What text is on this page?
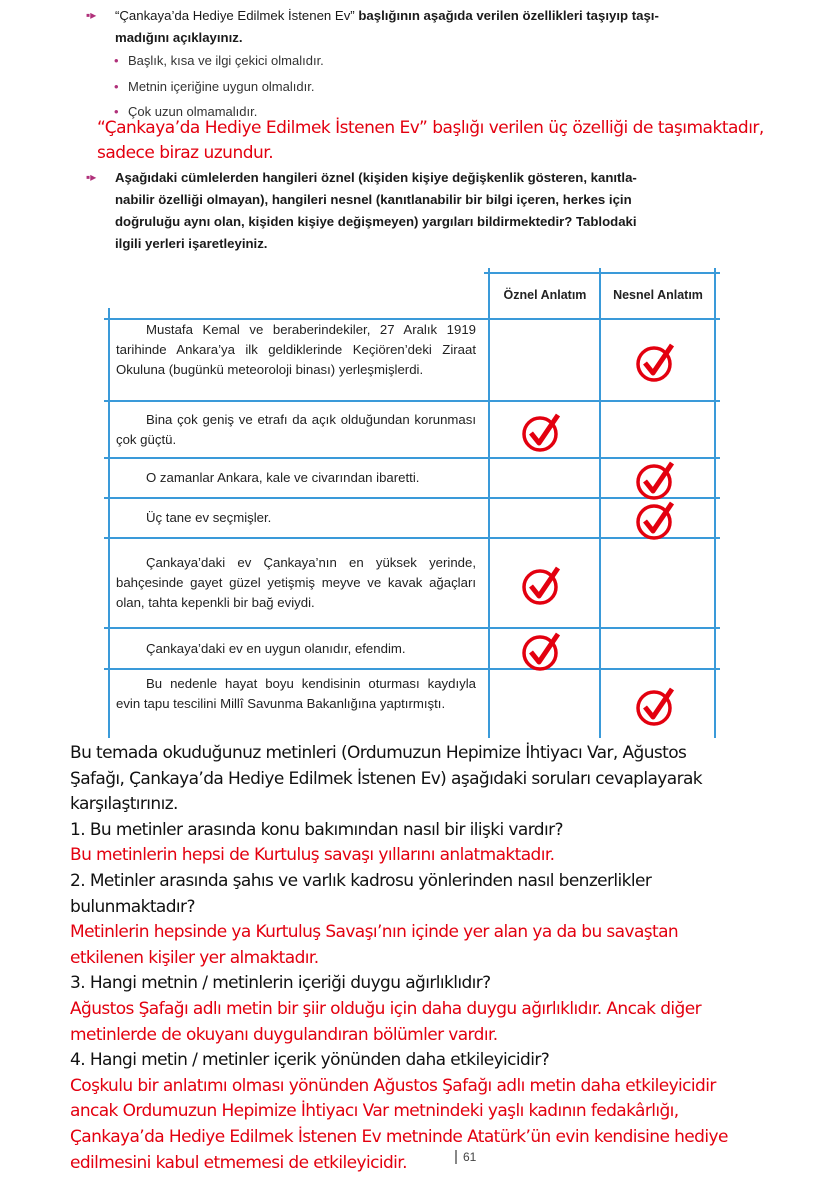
▪▸ “Çankaya’da Hediye Edilmek İstenen Ev” başlığının aşağıda verilen özellikleri taşıyıp taşı-
madığını açıklayınız.
• Başlık, kısa ve ilgi çekici olmalıdır.
• Metnin içeriğine uygun olmalıdır.
• Çok uzun olmamalıdır.
“Çankaya’da Hediye Edilmek İstenen Ev” başlığı verilen üç özelliği de taşımaktadır,
sadece biraz uzundur.
▪▸ Aşağıdaki cümlelerden hangileri öznel (kişiden kişiye değişkenlik gösteren, kanıtla-
nabilir özelliği olmayan), hangileri nesnel (kanıtlanabilir bir bilgi içeren, herkes için
doğruluğu aynı olan, kişiden kişiye değişmeyen) yargıları bildirmektedir? Tablodaki
ilgili yerleri işaretleyiniz.
Öznel Anlatım	Nesnel Anlatım
Mustafa Kemal ve beraberindekiler, 27 Aralık 1919 tarihinde Ankara’ya ilk geldiklerinde Keçiören’deki Ziraat Okuluna (bugünkü meteoroloji binası) yerleşmişlerdi.
Bina çok geniş ve etrafı da açık olduğundan korunması çok güçtü.
O zamanlar Ankara, kale ve civarından ibaretti.
Üç tane ev seçmişler.
Çankaya’daki ev Çankaya’nın en yüksek yerinde, bahçesinde gayet güzel yetişmiş meyve ve kavak ağaçları olan, tahta kepenkli bir bağ eviydi.
Çankaya’daki ev en uygun olanıdır, efendim.
Bu nedenle hayat boyu kendisinin oturması kaydıyla evin tapu tescilini Millî Savunma Bakanlığına yaptırmıştı.
Bu temada okuduğunuz metinleri (Ordumuzun Hepimize İhtiyacı Var, Ağustos
Şafağı, Çankaya’da Hediye Edilmek İstenen Ev) aşağıdaki soruları cevaplayarak
karşılaştırınız.
1. Bu metinler arasında konu bakımından nasıl bir ilişki vardır?
Bu metinlerin hepsi de Kurtuluş savaşı yıllarını anlatmaktadır.
2. Metinler arasında şahıs ve varlık kadrosu yönlerinden nasıl benzerlikler
bulunmaktadır?
Metinlerin hepsinde ya Kurtuluş Savaşı’nın içinde yer alan ya da bu savaştan
etkilenen kişiler yer almaktadır.
3. Hangi metnin / metinlerin içeriği duygu ağırlıklıdır?
Ağustos Şafağı adlı metin bir şiir olduğu için daha duygu ağırlıklıdır. Ancak diğer
metinlerde de okuyanı duygulandıran bölümler vardır.
4. Hangi metin / metinler içerik yönünden daha etkileyicidir?
Coşkulu bir anlatımı olması yönünden Ağustos Şafağı adlı metin daha etkileyicidir
ancak Ordumuzun Hepimize İhtiyacı Var metnindeki yaşlı kadının fedakârlığı,
Çankaya’da Hediye Edilmek İstenen Ev metninde Atatürk’ün evin kendisine hediye
edilmesini kabul etmemesi de etkileyicidir.	61
